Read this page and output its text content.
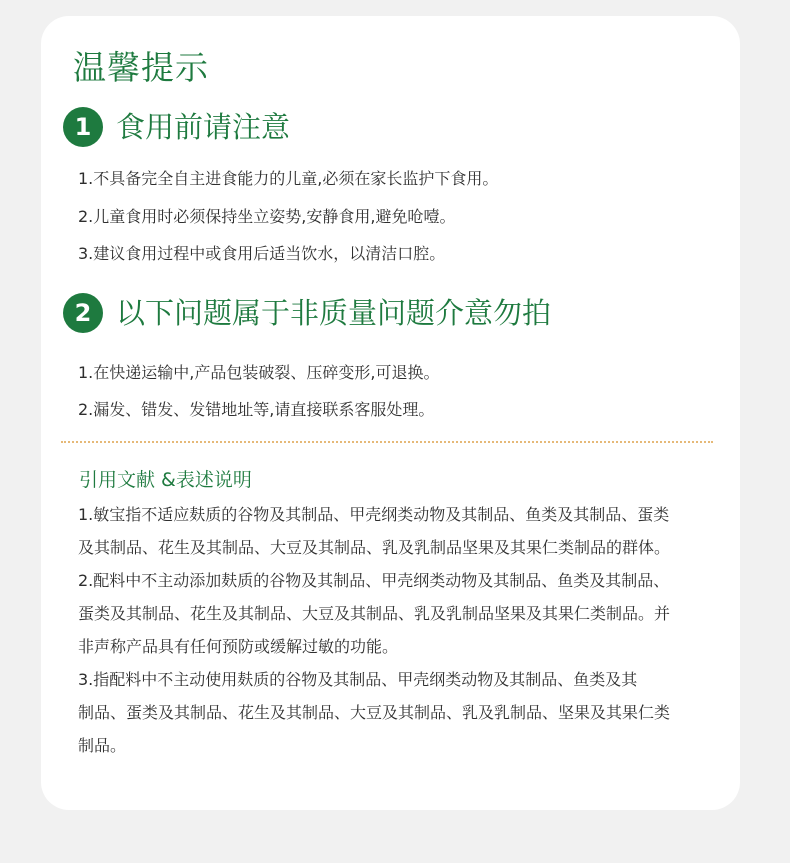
温馨提示
1 食用前请注意
1.不具备完全自主进食能力的儿童,必须在家长监护下食用。
2.儿童食用时必须保持坐立姿势,安静食用,避免呛噎。
3.建议食用过程中或食用后适当饮水，以清洁口腔。
2 以下问题属于非质量问题介意勿拍
1.在快递运输中,产品包装破裂、压碎变形,可退换。
2.漏发、错发、发错地址等,请直接联系客服处理。
引用文献 &表述说明
1.敏宝指不适应麸质的谷物及其制品、甲壳纲类动物及其制品、鱼类及其制品、蛋类
及其制品、花生及其制品、大豆及其制品、乳及乳制品坚果及其果仁类制品的群体。
2.配料中不主动添加麸质的谷物及其制品、甲壳纲类动物及其制品、鱼类及其制品、
蛋类及其制品、花生及其制品、大豆及其制品、乳及乳制品坚果及其果仁类制品。并
非声称产品具有任何预防或缓解过敏的功能。
3.指配料中不主动使用麸质的谷物及其制品、甲壳纲类动物及其制品、鱼类及其
制品、蛋类及其制品、花生及其制品、大豆及其制品、乳及乳制品、坚果及其果仁类
制品。
